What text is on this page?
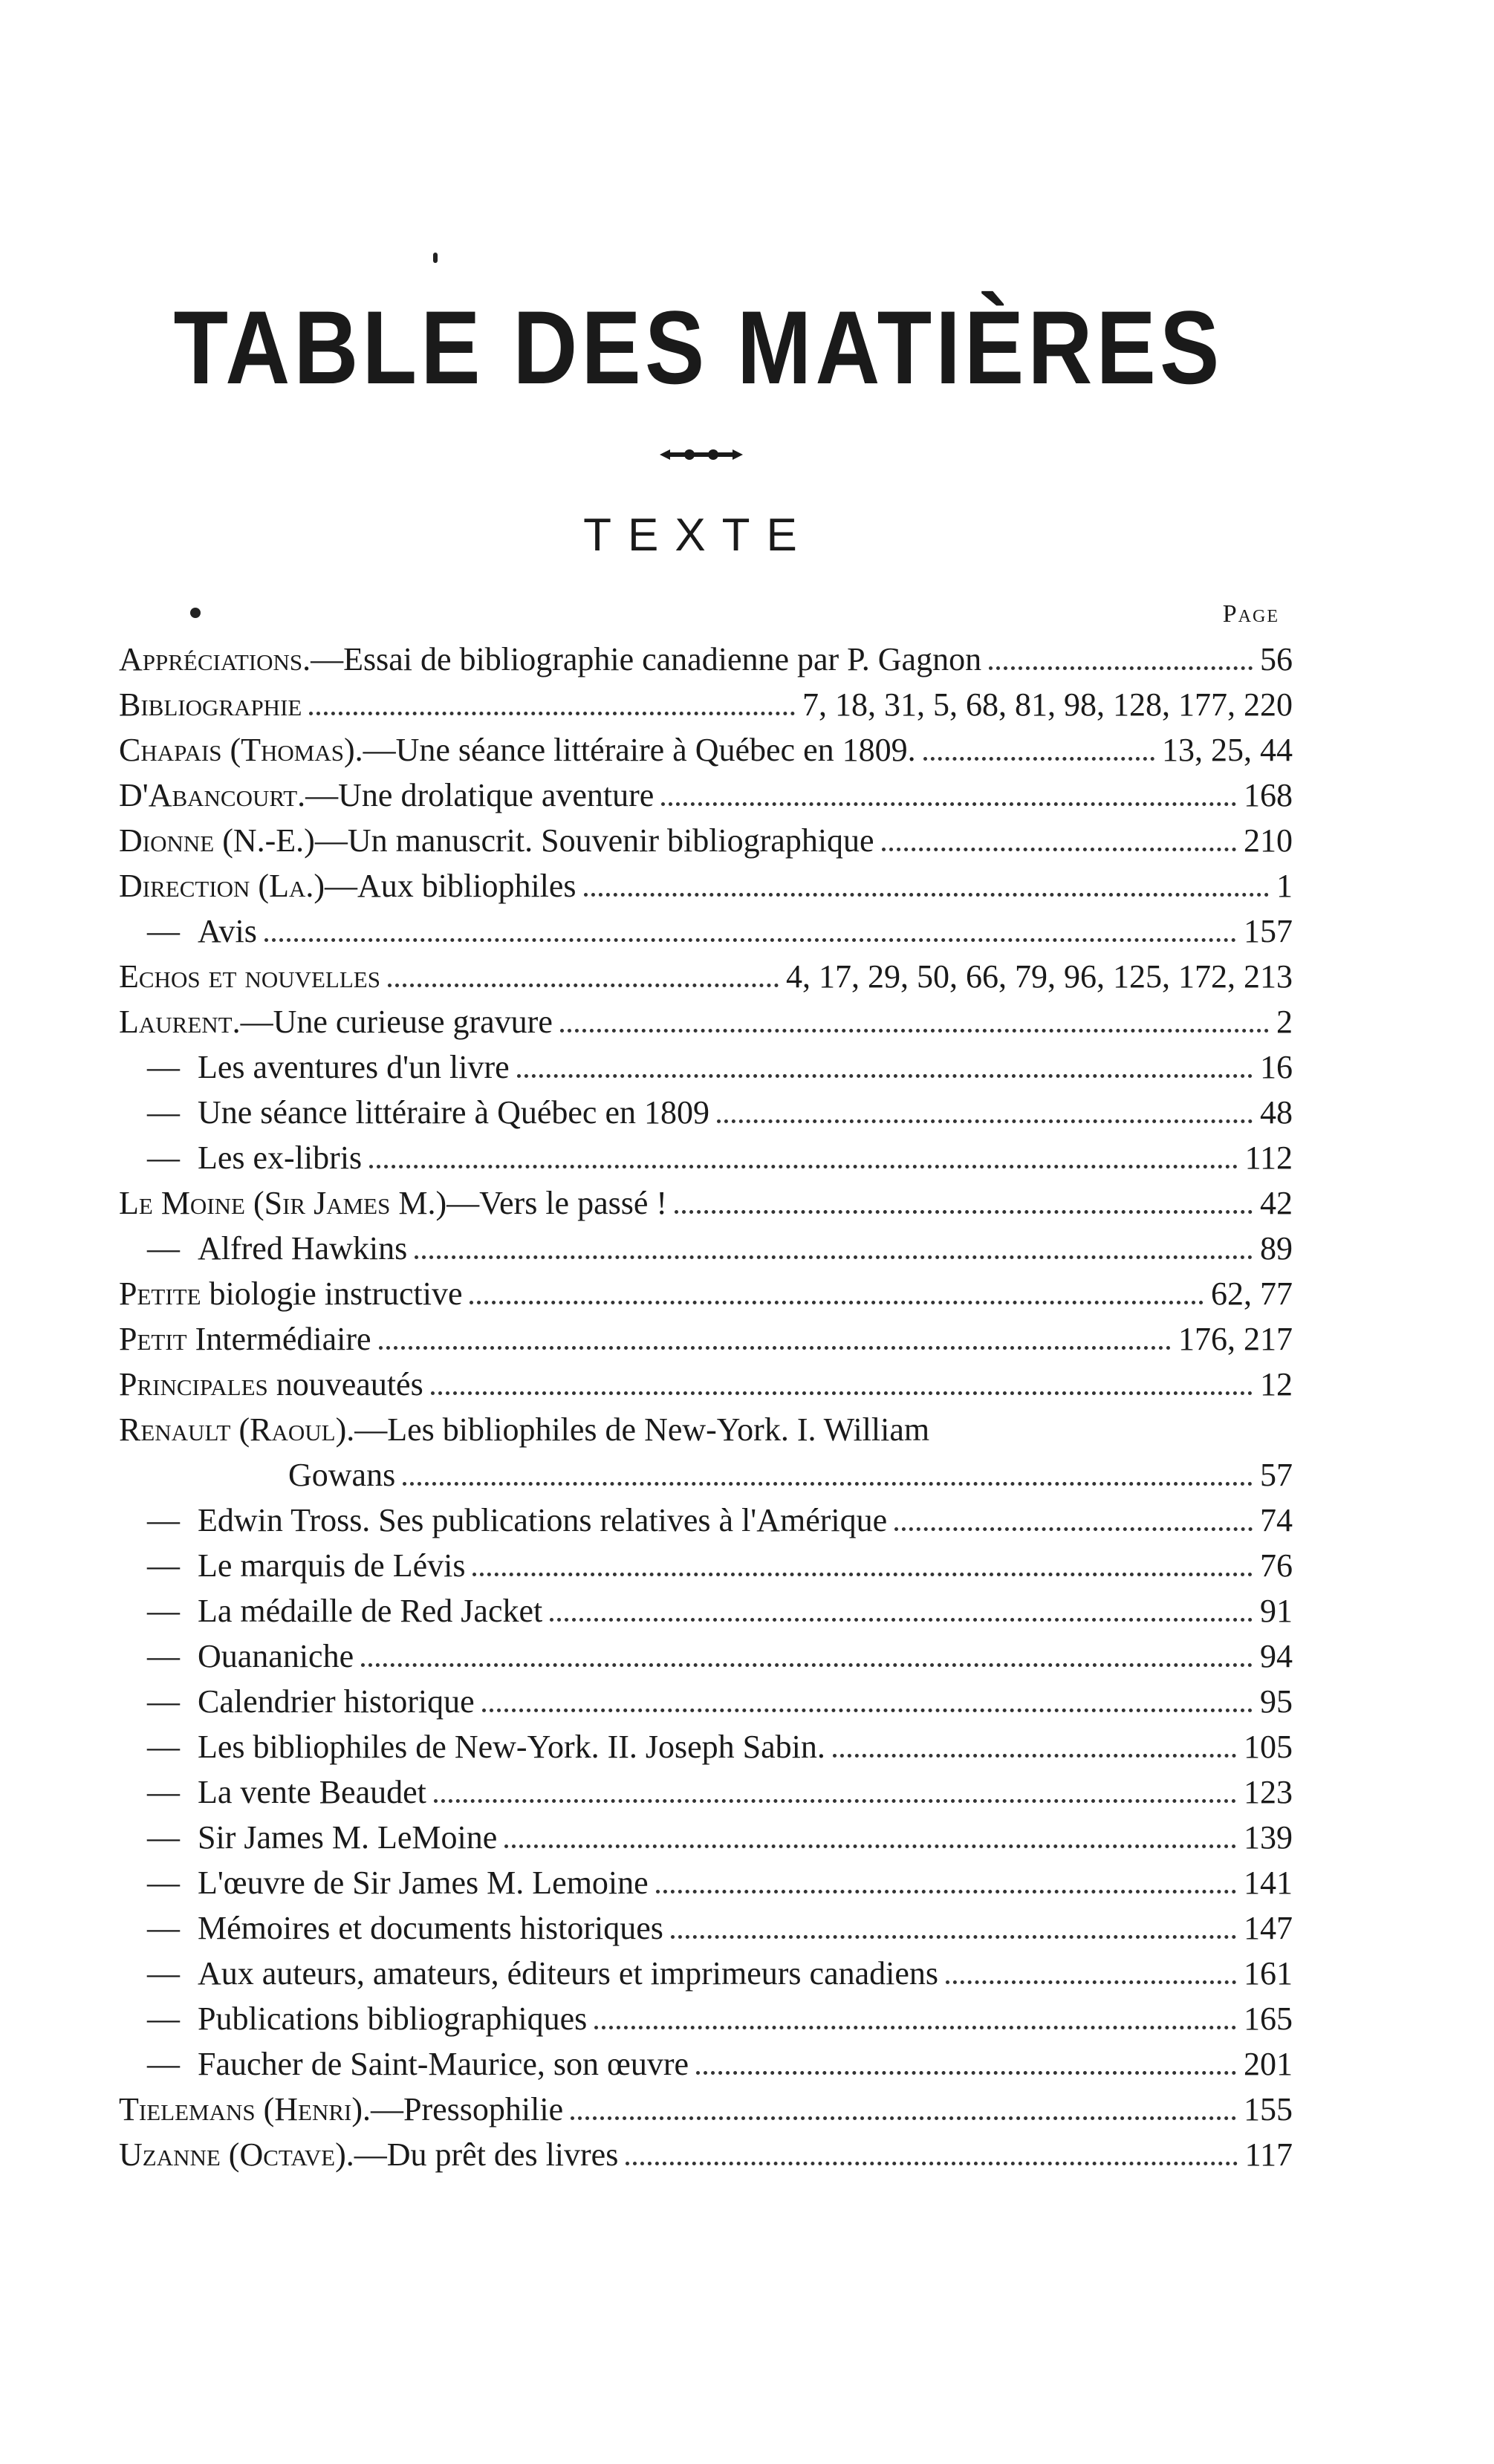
TABLE DES MATIÈRES
TEXTE
Page
Appréciations.—Essai de bibliographie canadienne par P. Gagnon	56
Bibliographie	7, 18, 31, 5, 68, 81, 98, 128, 177, 220
Chapais (Thomas).—Une séance littéraire à Québec en 1809.	13, 25, 44
D'Abancourt.—Une drolatique aventure	168
Dionne (N.-E.)—Un manuscrit. Souvenir bibliographique	210
Direction (La.)—Aux bibliophiles	1
— Avis	157
Echos et nouvelles	4, 17, 29, 50, 66, 79, 96, 125, 172, 213
Laurent.—Une curieuse gravure	2
— Les aventures d'un livre	16
— Une séance littéraire à Québec en 1809	48
— Les ex-libris	112
Le Moine (Sir James M.)—Vers le passé !	42
— Alfred Hawkins	89
Petite biologie instructive	62, 77
Petit Intermédiaire	176, 217
Principales nouveautés	12
Renault (Raoul).—Les bibliophiles de New-York. I. William
Gowans	57
— Edwin Tross. Ses publications relatives à l'Amérique	74
— Le marquis de Lévis	76
— La médaille de Red Jacket	91
— Ouananiche	94
— Calendrier historique	95
— Les bibliophiles de New-York. II. Joseph Sabin.	105
— La vente Beaudet	123
— Sir James M. LeMoine	139
— L'œuvre de Sir James M. Lemoine	141
— Mémoires et documents historiques	147
— Aux auteurs, amateurs, éditeurs et imprimeurs canadiens	161
— Publications bibliographiques	165
— Faucher de Saint-Maurice, son œuvre	201
Tielemans (Henri).—Pressophilie	155
Uzanne (Octave).—Du prêt des livres	117
